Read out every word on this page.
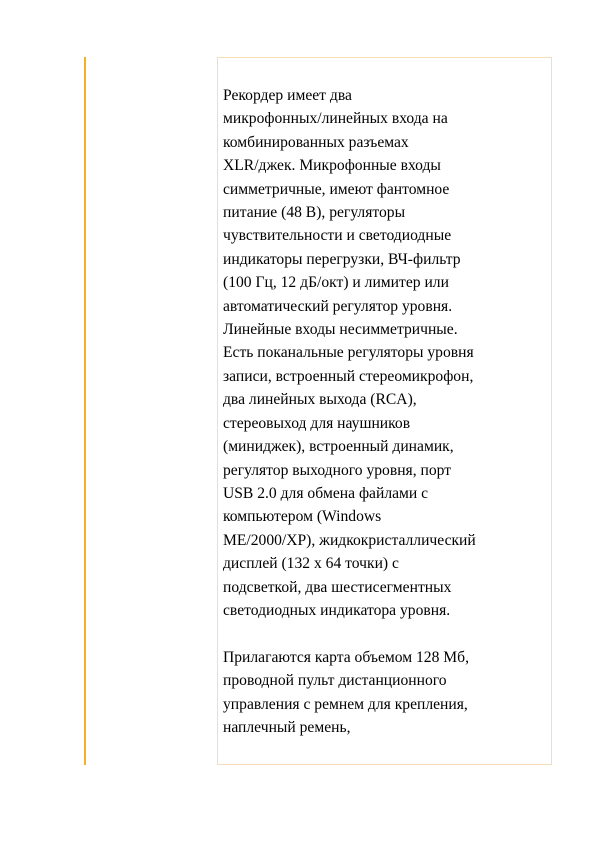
Рекордер имеет два
микрофонных/линейных входа на
комбинированных разъемах
XLR/джек. Микрофонные входы
симметричные, имеют фантомное
питание (48 В), регуляторы
чувствительности и светодиодные
индикаторы перегрузки, ВЧ-фильтр
(100 Гц, 12 дБ/окт) и лимитер или
автоматический регулятор уровня.
Линейные входы несимметричные.
Есть поканальные регуляторы уровня
записи, встроенный стереомикрофон,
два линейных выхода (RCA),
стереовыход для наушников
(миниджек), встроенный динамик,
регулятор выходного уровня, порт
USB 2.0 для обмена файлами с
компьютером (Windows
ME/2000/XP), жидкокристаллический
дисплей (132 х 64 точки) с
подсветкой, два шестисегментных
светодиодных индикатора уровня.
Прилагаются карта объемом 128 Мб,
проводной пульт дистанционного
управления с ремнем для крепления,
наплечный ремень,
